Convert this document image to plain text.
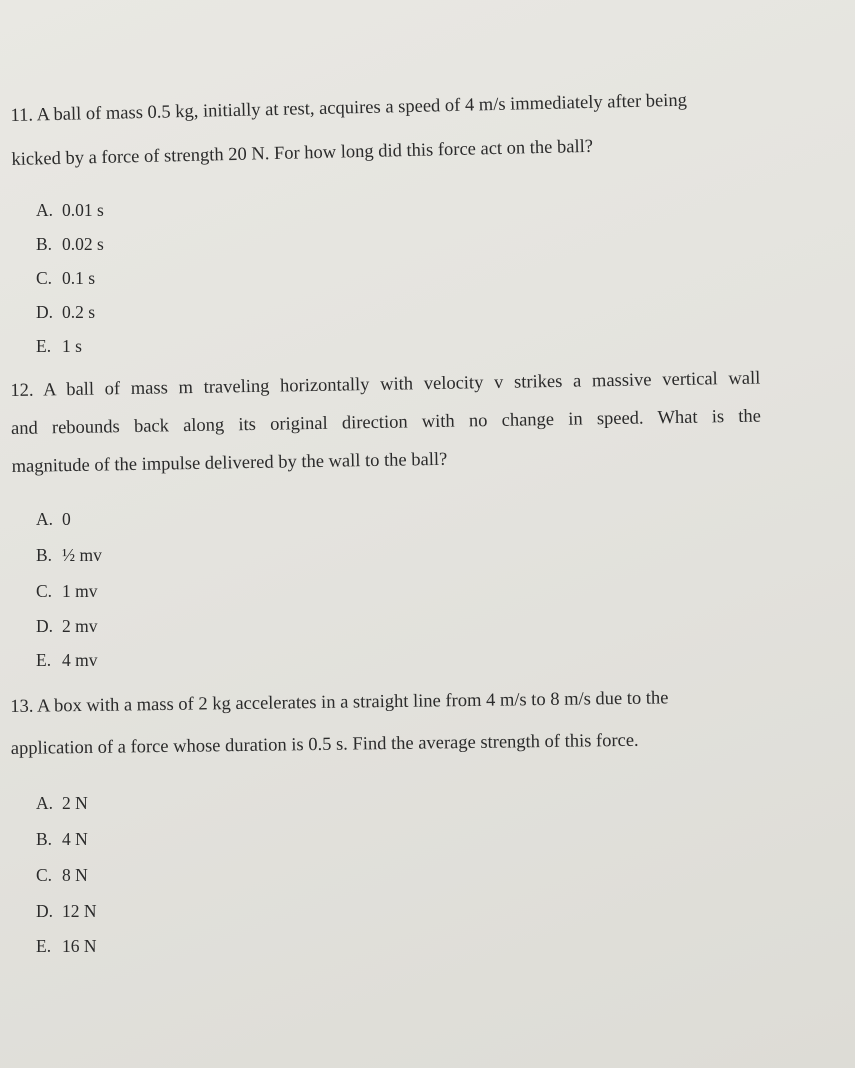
11. A ball of mass 0.5 kg, initially at rest, acquires a speed of 4 m/s immediately after being
kicked by a force of strength 20 N. For how long did this force act on the ball?
A. 0.01 s
B. 0.02 s
C. 0.1 s
D. 0.2 s
E. 1 s
12. A ball of mass m traveling horizontally with velocity v strikes a massive vertical wall
and rebounds back along its original direction with no change in speed. What is the
magnitude of the impulse delivered by the wall to the ball?
A. 0
B. ½ mv
C. 1 mv
D. 2 mv
E. 4 mv
13. A box with a mass of 2 kg accelerates in a straight line from 4 m/s to 8 m/s due to the
application of a force whose duration is 0.5 s. Find the average strength of this force.
A. 2 N
B. 4 N
C. 8 N
D. 12 N
E. 16 N
